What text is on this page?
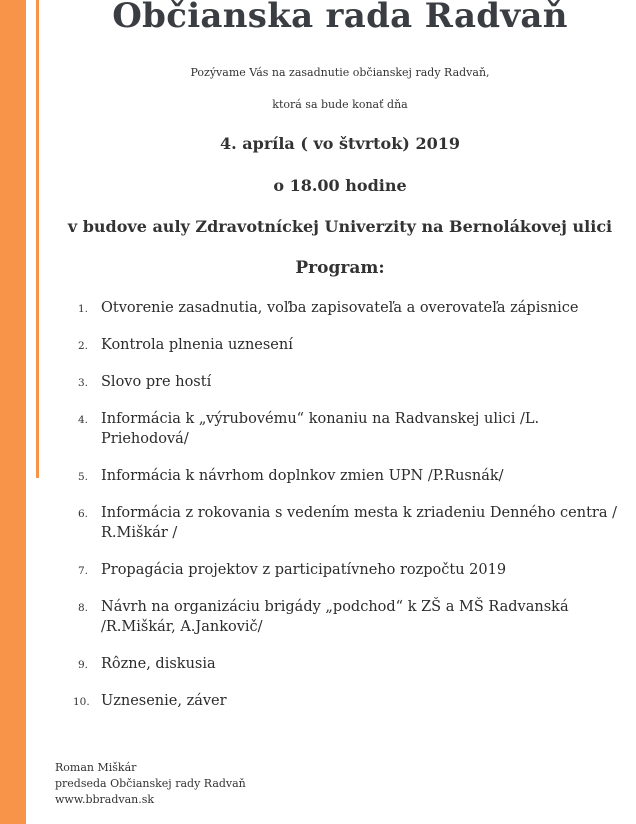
Občianska rada Radvaň
Pozývame Vás na zasadnutie občianskej rady Radvaň,
ktorá sa bude konať dňa
4. apríla ( vo štvrtok) 2019
o 18.00 hodine
v budove auly Zdravotníckej Univerzity na Bernolákovej ulici
Program:
1. Otvorenie zasadnutia, voľba zapisovateľa a overovateľa zápisnice
2. Kontrola plnenia uznesení
3. Slovo pre hostí
4. Informácia k „výrubovému“ konaniu na Radvanskej ulici /L. Priehodová/
5. Informácia k návrhom doplnkov zmien UPN /P.Rusnák/
6. Informácia z rokovania s vedením mesta k zriadeniu Denného centra / R.Miškár /
7. Propagácia projektov z participatívneho rozpočtu 2019
8. Návrh na organizáciu brigády „podchod“ k ZŠ a MŠ Radvanská /R.Miškár, A.Jankovič/
9. Rôzne, diskusia
10. Uznesenie, záver
Roman Miškár
predseda Občianskej rady Radvaň
www.bbradvan.sk
